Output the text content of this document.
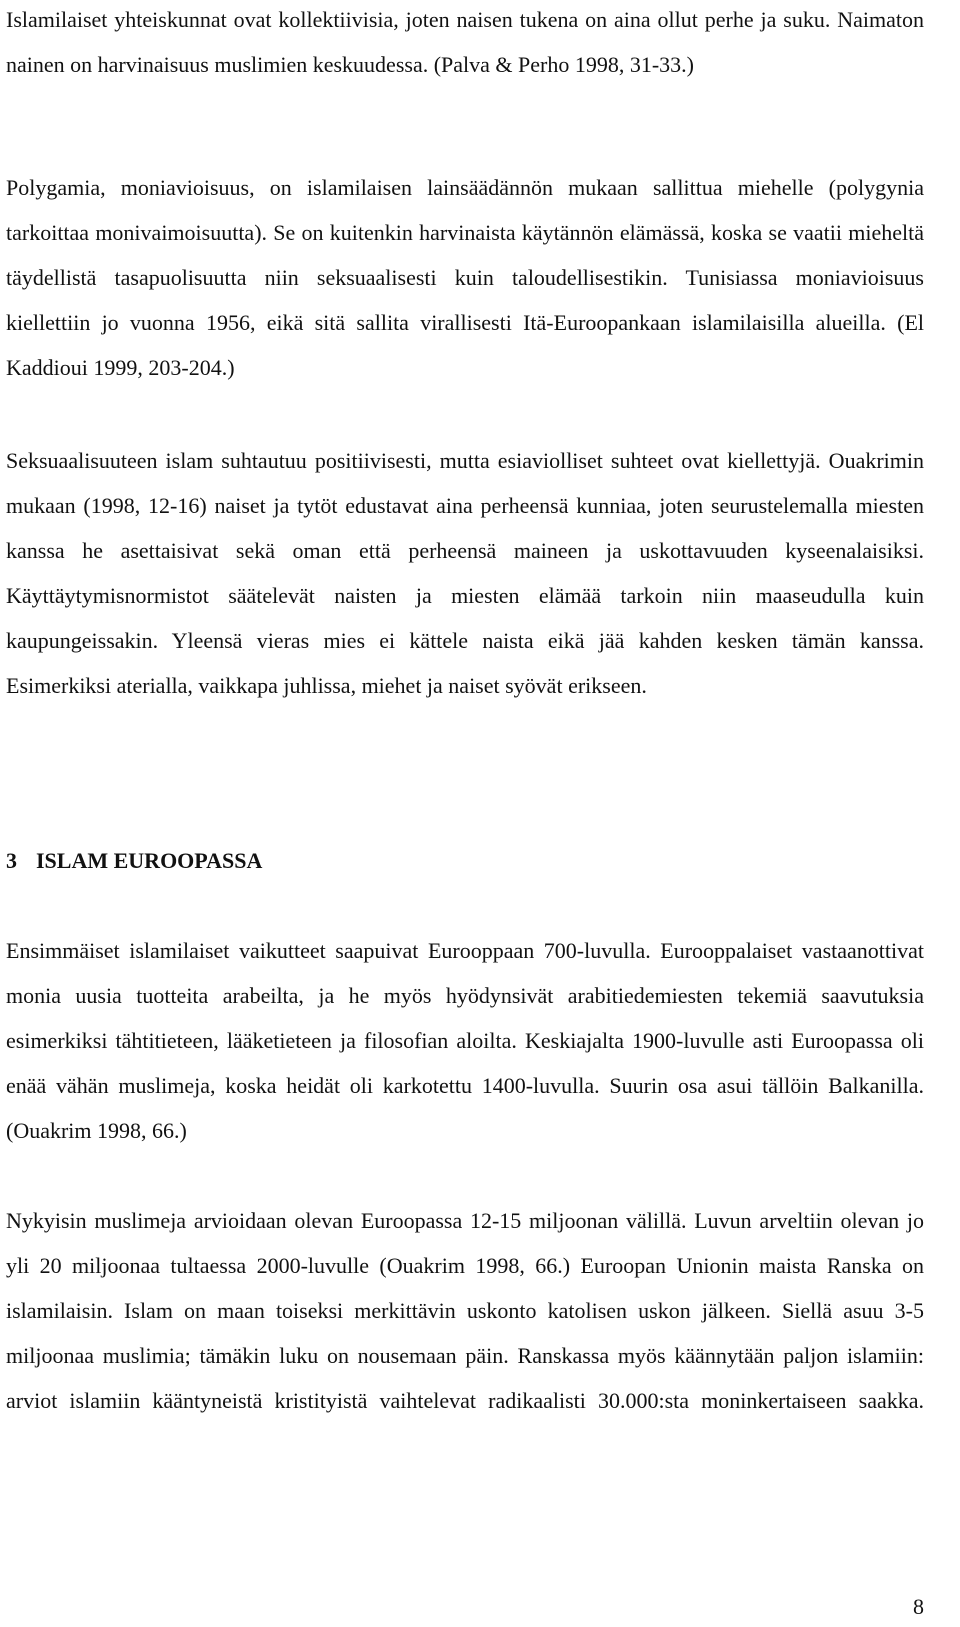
Islamilaiset yhteiskunnat ovat kollektiivisia, joten naisen tukena on aina ollut perhe ja suku. Naimaton nainen on harvinaisuus muslimien keskuudessa. (Palva & Perho 1998, 31-33.)

Polygamia, moniavioisuus, on islamilaisen lainsäädännön mukaan sallittua miehelle (polygynia tarkoittaa monivaimoisuutta). Se on kuitenkin harvinaista käytännön elämässä, koska se vaatii mieheltä täydellistä tasapuolisuutta niin seksuaalisesti kuin taloudellisestikin. Tunisiassa moniavioisuus kiellettiin jo vuonna 1956, eikä sitä sallita virallisesti Itä-Euroopankaan islamilaisilla alueilla. (El Kaddioui 1999, 203-204.)

Seksuaalisuuteen islam suhtautuu positiivisesti, mutta esiaviolliset suhteet ovat kiellettyjä. Ouakrimin mukaan (1998, 12-16) naiset ja tytöt edustavat aina perheensä kunniaa, joten seurustelemalla miesten kanssa he asettaisivat sekä oman että perheensä maineen ja uskottavuuden kyseenalaisiksi. Käyttäytymisnormistot säätelevät naisten ja miesten elämää tarkoin niin maaseudulla kuin kaupungeissakin. Yleensä vieras mies ei kättele naista eikä jää kahden kesken tämän kanssa. Esimerkiksi aterialla, vaikkapa juhlissa, miehet ja naiset syövät erikseen.

3 ISLAM EUROOPASSA

Ensimmäiset islamilaiset vaikutteet saapuivat Eurooppaan 700-luvulla. Eurooppalaiset vastaanottivat monia uusia tuotteita arabeilta, ja he myös hyödynsivät arabitiedemiesten tekemiä saavutuksia esimerkiksi tähtitieteen, lääketieteen ja filosofian aloilta. Keskiajalta 1900-luvulle asti Euroopassa oli enää vähän muslimeja, koska heidät oli karkotettu 1400-luvulla. Suurin osa asui tällöin Balkanilla. (Ouakrim 1998, 66.)

Nykyisin muslimeja arvioidaan olevan Euroopassa 12-15 miljoonan välillä. Luvun arveltiin olevan jo yli 20 miljoonaa tultaessa 2000-luvulle (Ouakrim 1998, 66.) Euroopan Unionin maista Ranska on islamilaisin. Islam on maan toiseksi merkittävin uskonto katolisen uskon jälkeen. Siellä asuu 3-5 miljoonaa muslimia; tämäkin luku on nousemaan päin. Ranskassa myös käännytään paljon islamiin: arviot islamiin kääntyneistä kristityistä vaihtelevat radikaalisti 30.000:sta moninkertaiseen saakka.

8
